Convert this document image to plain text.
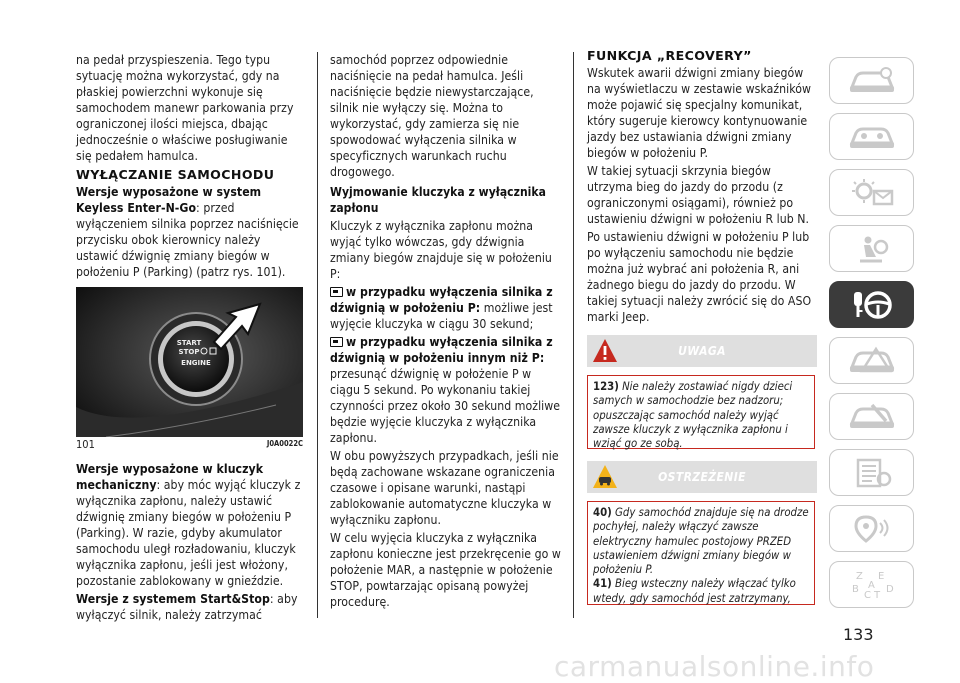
na pedał przyspieszenia. Tego typu sytuację można wykorzystać, gdy na płaskiej powierzchni wykonuje się samochodem manewr parkowania przy ograniczonej ilości miejsca, dbając jednocześnie o właściwe posługiwanie się pedałem hamulca.

WYŁĄCZANIE SAMOCHODU

Wersje wyposażone w system Keyless Enter-N-Go: przed wyłączeniem silnika poprzez naciśnięcie przycisku obok kierownicy należy ustawić dźwignię zmiany biegów w położeniu P (Parking) (patrz rys. 101).

START
STOP
ENGINE
101	J0A0022C

Wersje wyposażone w kluczyk mechaniczny: aby móc wyjąć kluczyk z wyłącznika zapłonu, należy ustawić dźwignię zmiany biegów w położeniu P (Parking). W razie, gdyby akumulator samochodu uległ rozładowaniu, kluczyk wyłącznika zapłonu, jeśli jest włożony, pozostanie zablokowany w gnieździe.

Wersje z systemem Start&Stop: aby wyłączyć silnik, należy zatrzymać

samochód poprzez odpowiednie naciśnięcie na pedał hamulca. Jeśli naciśnięcie będzie niewystarczające, silnik nie wyłączy się. Można to wykorzystać, gdy zamierza się nie spowodować wyłączenia silnika w specyficznych warunkach ruchu drogowego.

Wyjmowanie kluczyka z wyłącznika zapłonu

Kluczyk z wyłącznika zapłonu można wyjąć tylko wówczas, gdy dźwignia zmiany biegów znajduje się w położeniu P:

w przypadku wyłączenia silnika z dźwignią w położeniu P: możliwe jest wyjęcie kluczyka w ciągu 30 sekund;

w przypadku wyłączenia silnika z dźwignią w położeniu innym niż P: przesunąć dźwignię w położenie P w ciągu 5 sekund. Po wykonaniu takiej czynności przez około 30 sekund możliwe będzie wyjęcie kluczyka z wyłącznika zapłonu.

W obu powyższych przypadkach, jeśli nie będą zachowane wskazane ograniczenia czasowe i opisane warunki, nastąpi zablokowanie automatyczne kluczyka w wyłączniku zapłonu.

W celu wyjęcia kluczyka z wyłącznika zapłonu konieczne jest przekręcenie go w położenie MAR, a następnie w położenie STOP, powtarzając opisaną powyżej procedurę.

FUNKCJA „RECOVERY”

Wskutek awarii dźwigni zmiany biegów na wyświetlaczu w zestawie wskaźników może pojawić się specjalny komunikat, który sugeruje kierowcy kontynuowanie jazdy bez ustawiania dźwigni zmiany biegów w położeniu P.

W takiej sytuacji skrzynia biegów utrzyma bieg do jazdy do przodu (z ograniczonymi osiągami), również po ustawieniu dźwigni w położeniu R lub N.

Po ustawieniu dźwigni w położeniu P lub po wyłączeniu samochodu nie będzie można już wybrać ani położenia R, ani żadnego biegu do jazdy do przodu. W takiej sytuacji należy zwrócić się do ASO marki Jeep.

UWAGA

123) Nie należy zostawiać nigdy dzieci samych w samochodzie bez nadzoru; opuszczając samochód należy wyjąć zawsze kluczyk z wyłącznika zapłonu i wziąć go ze sobą.

OSTRZEŻENIE

40) Gdy samochód znajduje się na drodze pochyłej, należy włączyć zawsze elektryczny hamulec postojowy PRZED ustawieniem dźwigni zmiany biegów w położeniu P.

41) Bieg wsteczny należy włączać tylko wtedy, gdy samochód jest zatrzymany,

Z E
B
C T
D
A
133
carmanualsonline.info
